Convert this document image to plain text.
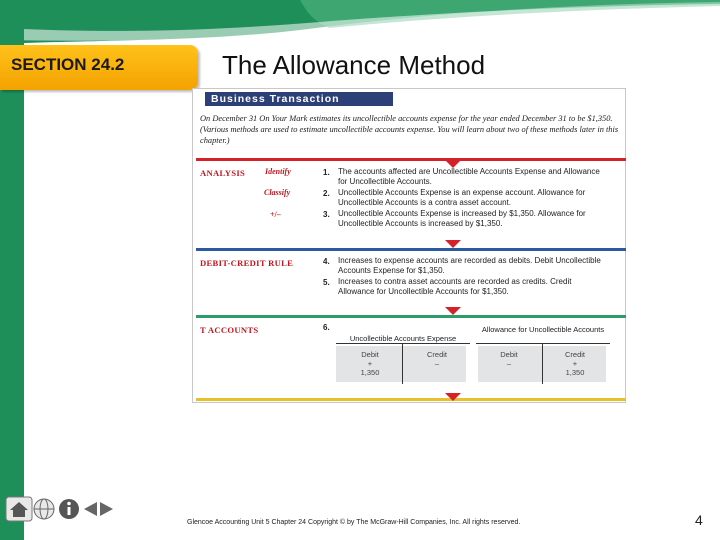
SECTION 24.2	The Allowance Method
Business Transaction
On December 31 On Your Mark estimates its uncollectible accounts expense for the year ended December 31 to be $1,350. (Various methods are used to estimate uncollectible accounts expense. You will learn about two of these methods later in this chapter.)
ANALYSIS Identify
Classify
+/–
1. The accounts affected are Uncollectible Accounts Expense and Allowance for Uncollectible Accounts.
2. Uncollectible Accounts Expense is an expense account. Allowance for Uncollectible Accounts is a contra asset account.
3. Uncollectible Accounts Expense is increased by $1,350. Allowance for Uncollectible Accounts is increased by $1,350.
DEBIT-CREDIT RULE	4. Increases to expense accounts are recorded as debits. Debit Uncollectible Accounts Expense for $1,350.
5. Increases to contra asset accounts are recorded as credits. Credit Allowance for Uncollectible Accounts for $1,350.
T ACCOUNTS	6.
Uncollectible Accounts Expense
Debit
+
1,350
Credit
–
Allowance for Uncollectible Accounts
Debit
–
Credit
+
1,350
Glencoe Accounting Unit 5 Chapter 24 Copyright © by The McGraw-Hill Companies, Inc. All rights reserved.	4
